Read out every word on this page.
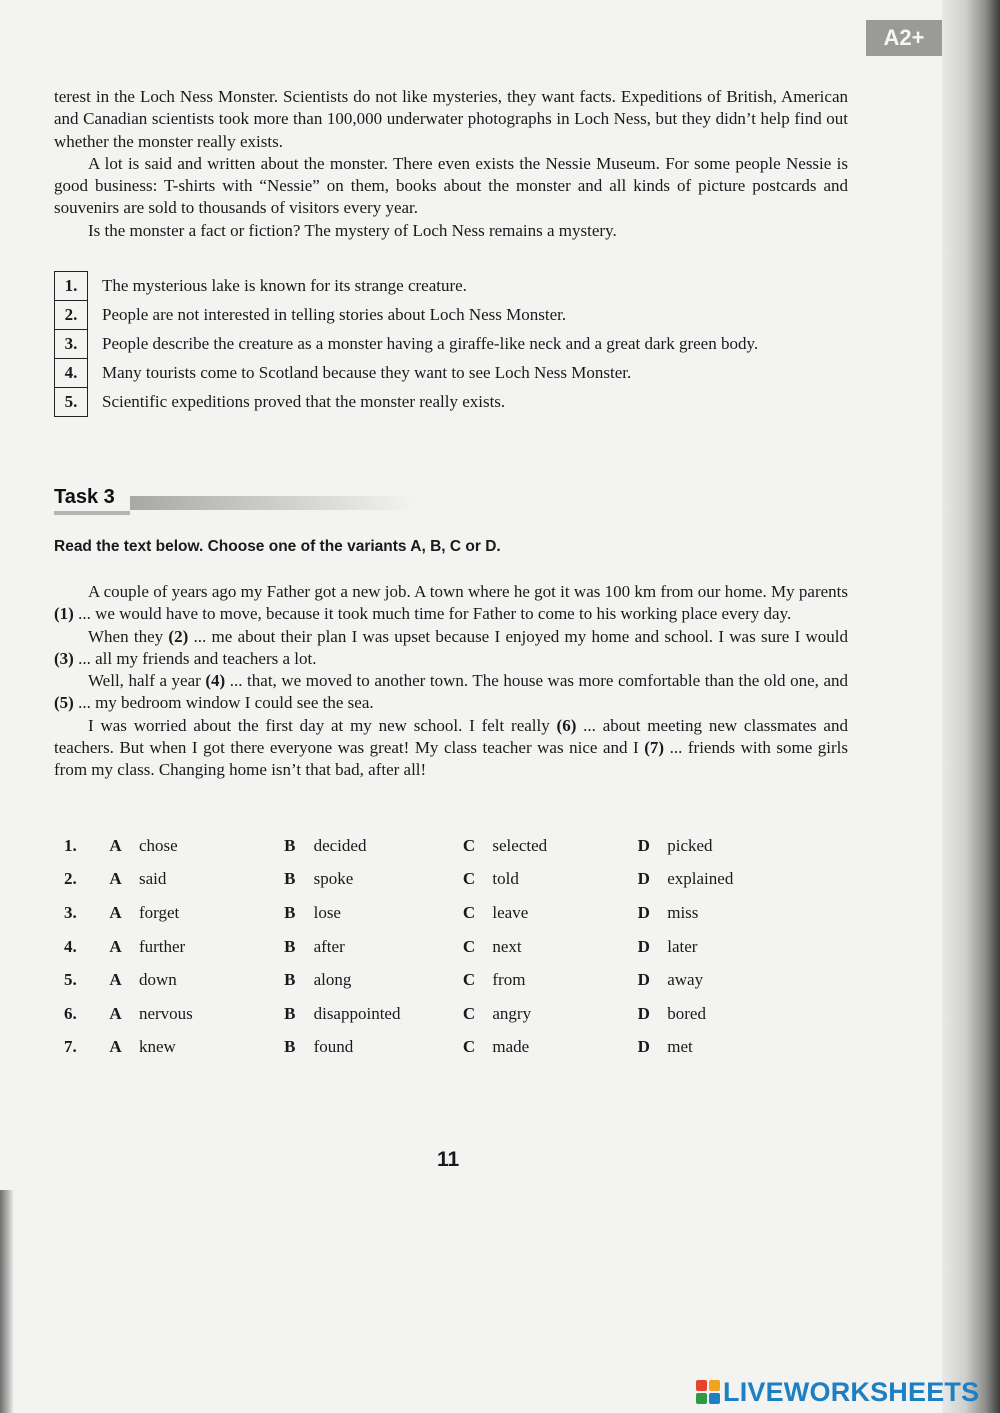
A2+

terest in the Loch Ness Monster. Scientists do not like mysteries, they want facts. Expeditions of British, American and Canadian scientists took more than 100,000 underwater photographs in Loch Ness, but they didn’t help find out whether the monster really exists.

A lot is said and written about the monster. There even exists the Nessie Museum. For some people Nessie is good business: T-shirts with “Nessie” on them, books about the monster and all kinds of picture postcards and souvenirs are sold to thousands of visitors every year.

Is the monster a fact or fiction? The mystery of Loch Ness remains a mystery.

1.	The mysterious lake is known for its strange creature.
2.	People are not interested in telling stories about Loch Ness Monster.
3.	People describe the creature as a monster having a giraffe-like neck and a great dark green body.
4.	Many tourists come to Scotland because they want to see Loch Ness Monster.
5.	Scientific expeditions proved that the monster really exists.
Task 3
Read the text below. Choose one of the variants A, B, C or D.

A couple of years ago my Father got a new job. A town where he got it was 100 km from our home. My parents (1) ... we would have to move, because it took much time for Father to come to his working place every day.

When they (2) ... me about their plan I was upset because I enjoyed my home and school. I was sure I would (3) ... all my friends and teachers a lot.

Well, half a year (4) ... that, we moved to another town. The house was more comfortable than the old one, and (5) ... my bedroom window I could see the sea.

I was worried about the first day at my new school. I felt really (6) ... about meeting new classmates and teachers. But when I got there everyone was great! My class teacher was nice and I (7) ... friends with some girls from my class. Changing home isn’t that bad, after all!

1.	A	chose	B	decided	C	selected	D	picked
2.	A	said	B	spoke	C	told	D	explained
3.	A	forget	B	lose	C	leave	D	miss
4.	A	further	B	after	C	next	D	later
5.	A	down	B	along	C	from	D	away
6.	A	nervous	B	disappointed	C	angry	D	bored
7.	A	knew	B	found	C	made	D	met
11
LIVEWORKSHEETS
